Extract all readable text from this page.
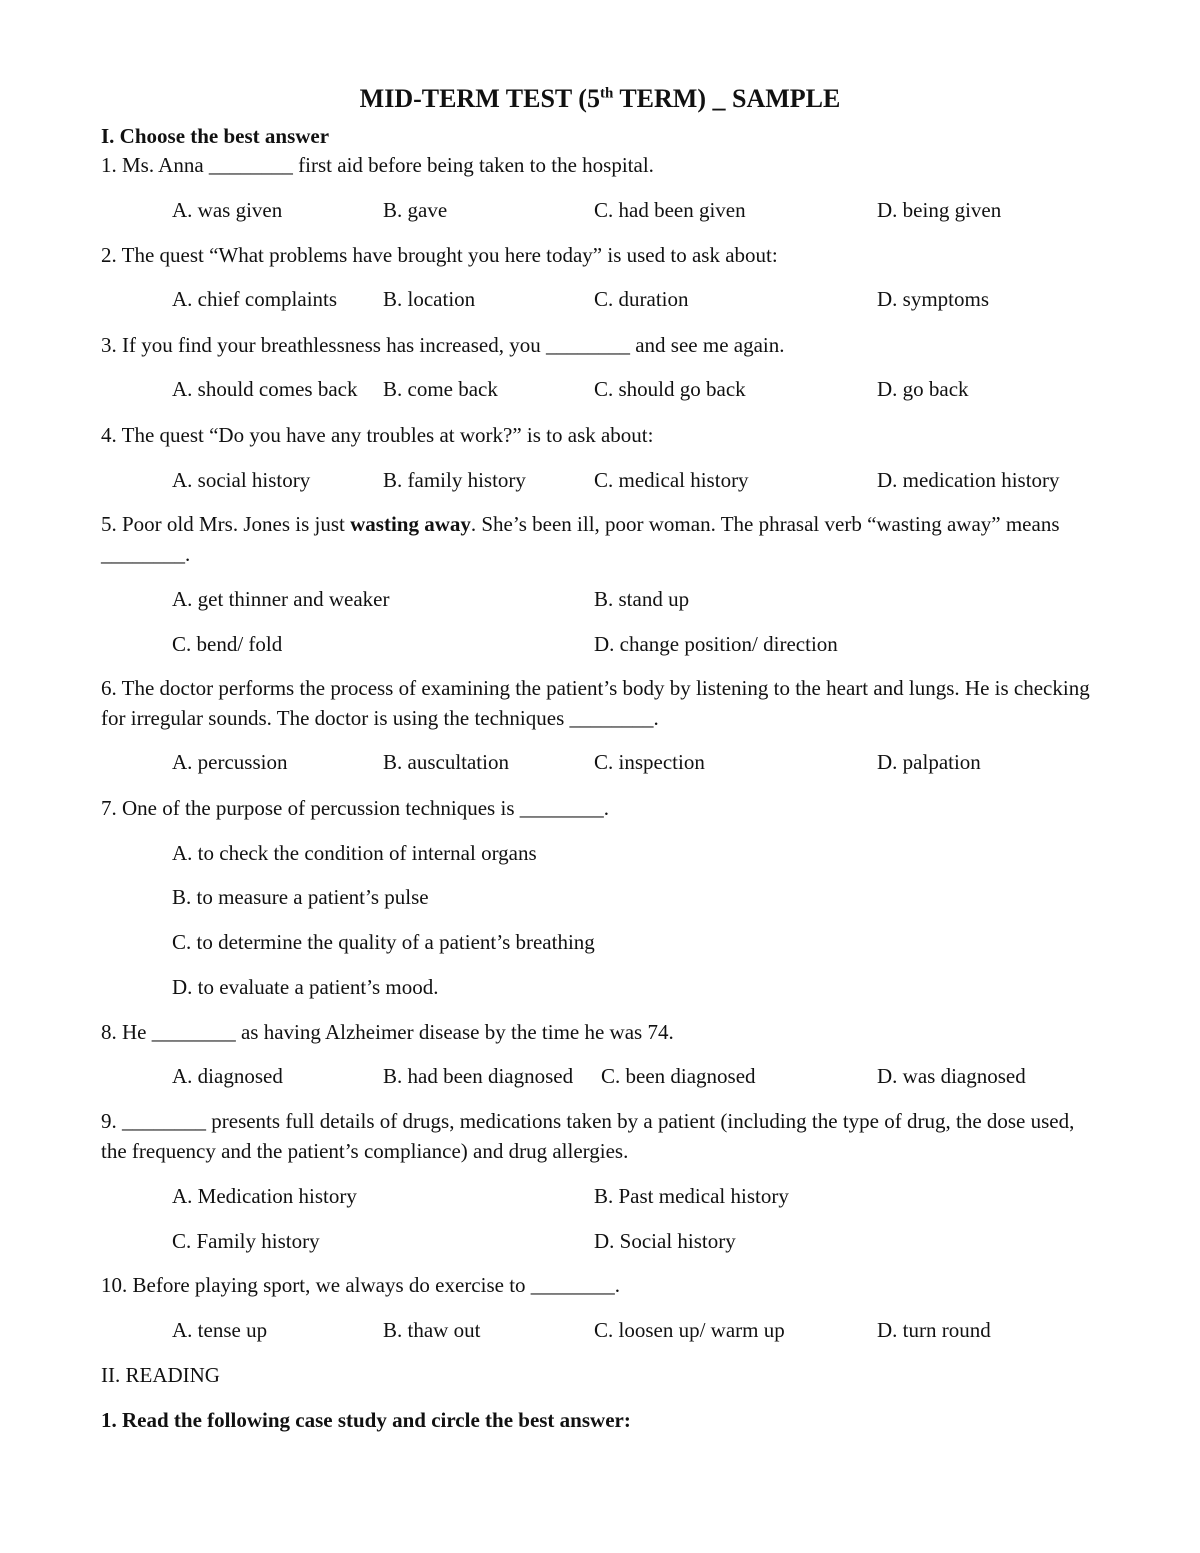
MID-TERM TEST (5th TERM) _ SAMPLE
I. Choose the best answer
1. Ms. Anna ________ first aid before being taken to the hospital.
A. was given	B. gave	C. had been given	D. being given
2. The quest “What problems have brought you here today” is used to ask about:
A. chief complaints B. location	C. duration	D. symptoms
3. If you find your breathlessness has increased, you ________ and see me again.
A. should comes back B. come back	C. should go back	D. go back
4. The quest “Do you have any troubles at work?” is to ask about:
A. social history	B. family history	C. medical history	D. medication history
5. Poor old Mrs. Jones is just wasting away. She’s been ill, poor woman. The phrasal verb “wasting away” means ________.
A. get thinner and weaker	B. stand up
C. bend/ fold	D. change position/ direction
6. The doctor performs the process of examining the patient’s body by listening to the heart and lungs. He is checking for irregular sounds. The doctor is using the techniques ________.
A. percussion	B. auscultation	C. inspection	D. palpation
7. One of the purpose of percussion techniques is ________.
A. to check the condition of internal organs
B. to measure a patient’s pulse
C. to determine the quality of a patient’s breathing
D. to evaluate a patient’s mood.
8. He ________ as having Alzheimer disease by the time he was 74.
A. diagnosed	B. had been diagnosed C. been diagnosed	D. was diagnosed
9. ________ presents full details of drugs, medications taken by a patient (including the type of drug, the dose used, the frequency and the patient’s compliance) and drug allergies.
A. Medication history	B. Past medical history
C. Family history	D. Social history
10. Before playing sport, we always do exercise to ________.
A. tense up	B. thaw out	C. loosen up/ warm up	D. turn round
II. READING
1. Read the following case study and circle the best answer:
